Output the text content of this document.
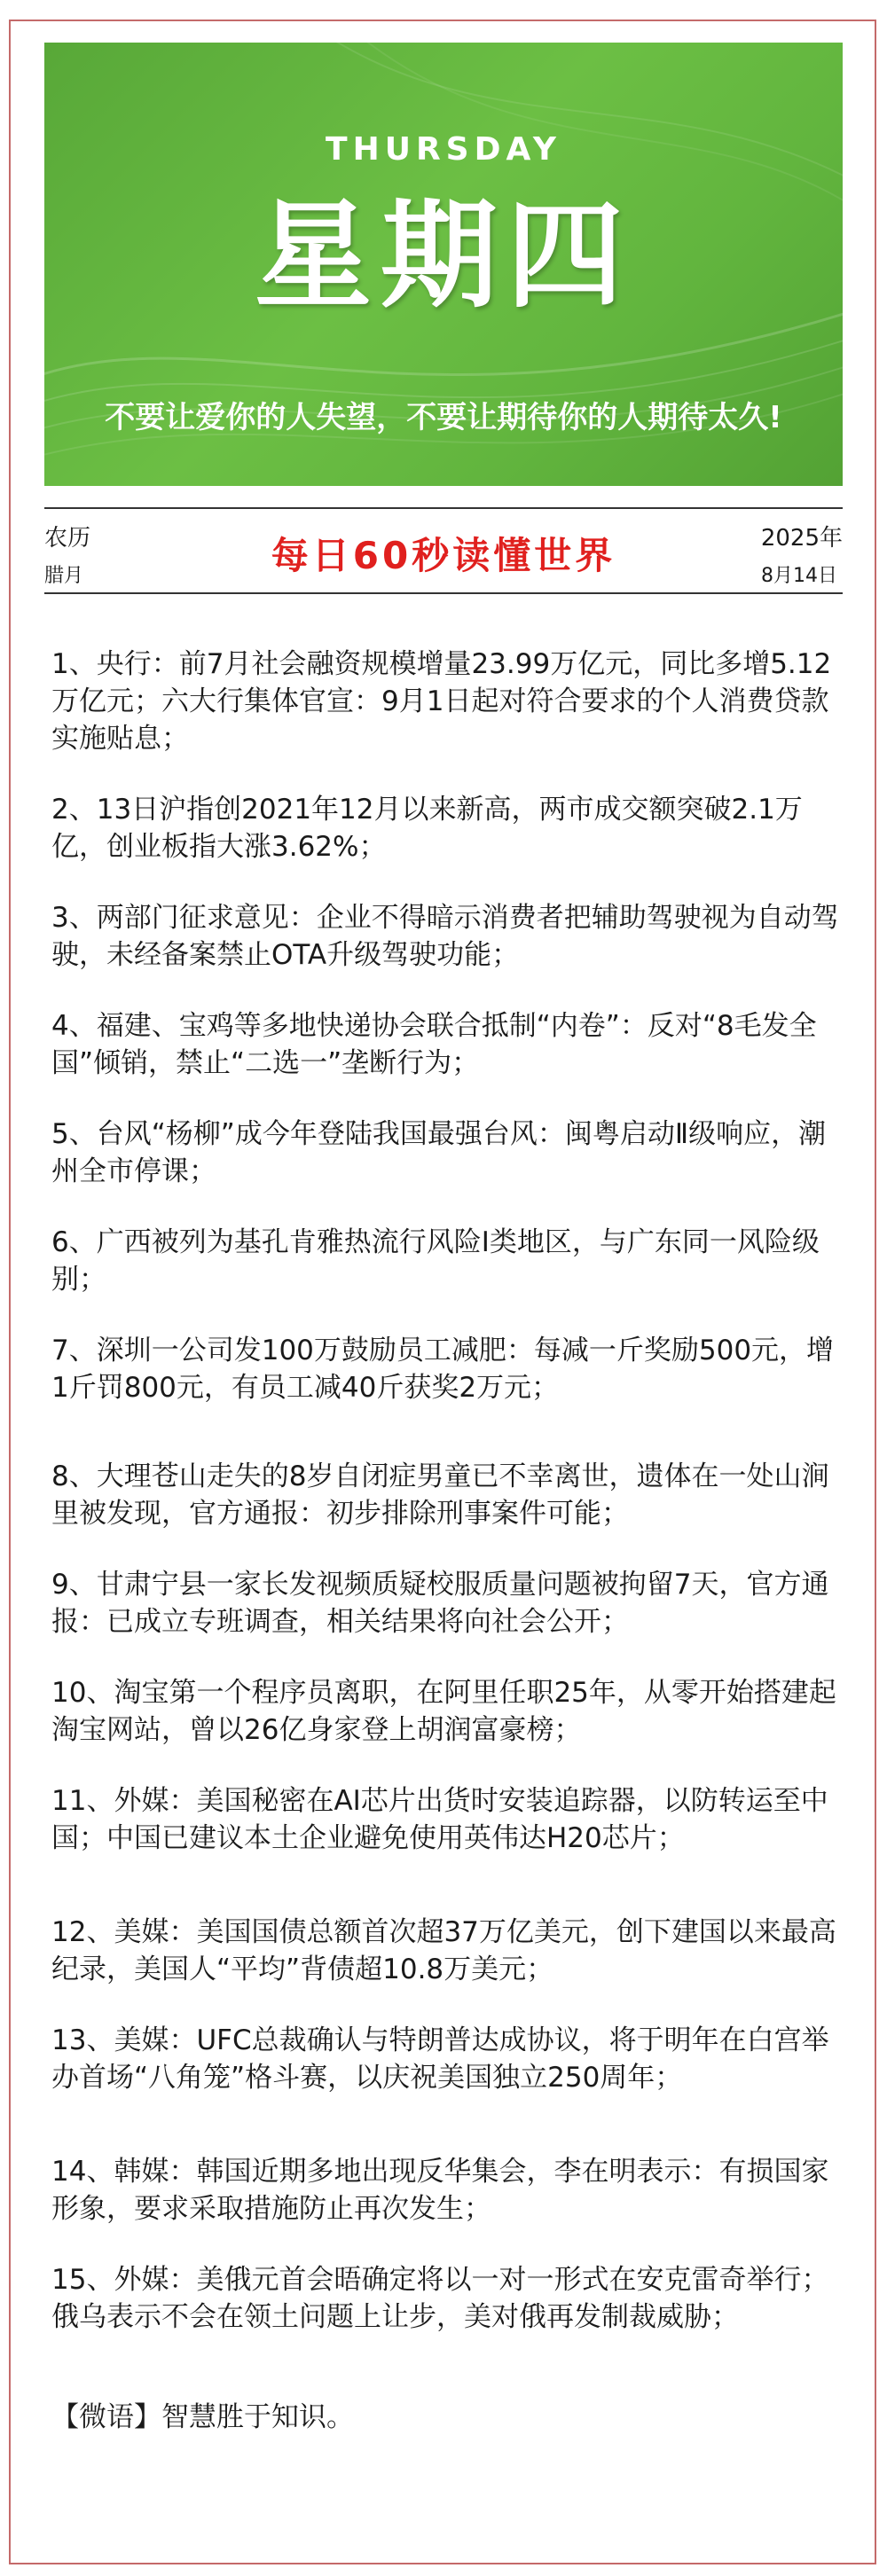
THURSDAY
星期四
不要让爱你的人失望，不要让期待你的人期待太久!
农历
腊月	每日60秒读懂世界	2025年
8月14日
1、央行：前7月社会融资规模增量23.99万亿元，同比多增5.12万亿元；六大行集体官宣：9月1日起对符合要求的个人消费贷款实施贴息；
2、13日沪指创2021年12月以来新高，两市成交额突破2.1万亿，创业板指大涨3.62%；
3、两部门征求意见：企业不得暗示消费者把辅助驾驶视为自动驾驶，未经备案禁止OTA升级驾驶功能；
4、福建、宝鸡等多地快递协会联合抵制“内卷”：反对“8毛发全国”倾销，禁止“二选一”垄断行为；
5、台风“杨柳”成今年登陆我国最强台风：闽粤启动Ⅱ级响应，潮州全市停课；
6、广西被列为基孔肯雅热流行风险Ⅰ类地区，与广东同一风险级别；
7、深圳一公司发100万鼓励员工减肥：每减一斤奖励500元，增1斤罚800元，有员工减40斤获奖2万元；
8、大理苍山走失的8岁自闭症男童已不幸离世，遗体在一处山涧里被发现，官方通报：初步排除刑事案件可能；
9、甘肃宁县一家长发视频质疑校服质量问题被拘留7天，官方通报：已成立专班调查，相关结果将向社会公开；
10、淘宝第一个程序员离职，在阿里任职25年，从零开始搭建起淘宝网站，曾以26亿身家登上胡润富豪榜；
11、外媒：美国秘密在AI芯片出货时安装追踪器，以防转运至中国；中国已建议本土企业避免使用英伟达H20芯片；
12、美媒：美国国债总额首次超37万亿美元，创下建国以来最高纪录，美国人“平均”背债超10.8万美元；
13、美媒：UFC总裁确认与特朗普达成协议，将于明年在白宫举办首场“八角笼”格斗赛，以庆祝美国独立250周年；
14、韩媒：韩国近期多地出现反华集会，李在明表示：有损国家形象，要求采取措施防止再次发生；
15、外媒：美俄元首会晤确定将以一对一形式在安克雷奇举行；俄乌表示不会在领土问题上让步，美对俄再发制裁威胁；
【微语】智慧胜于知识。
